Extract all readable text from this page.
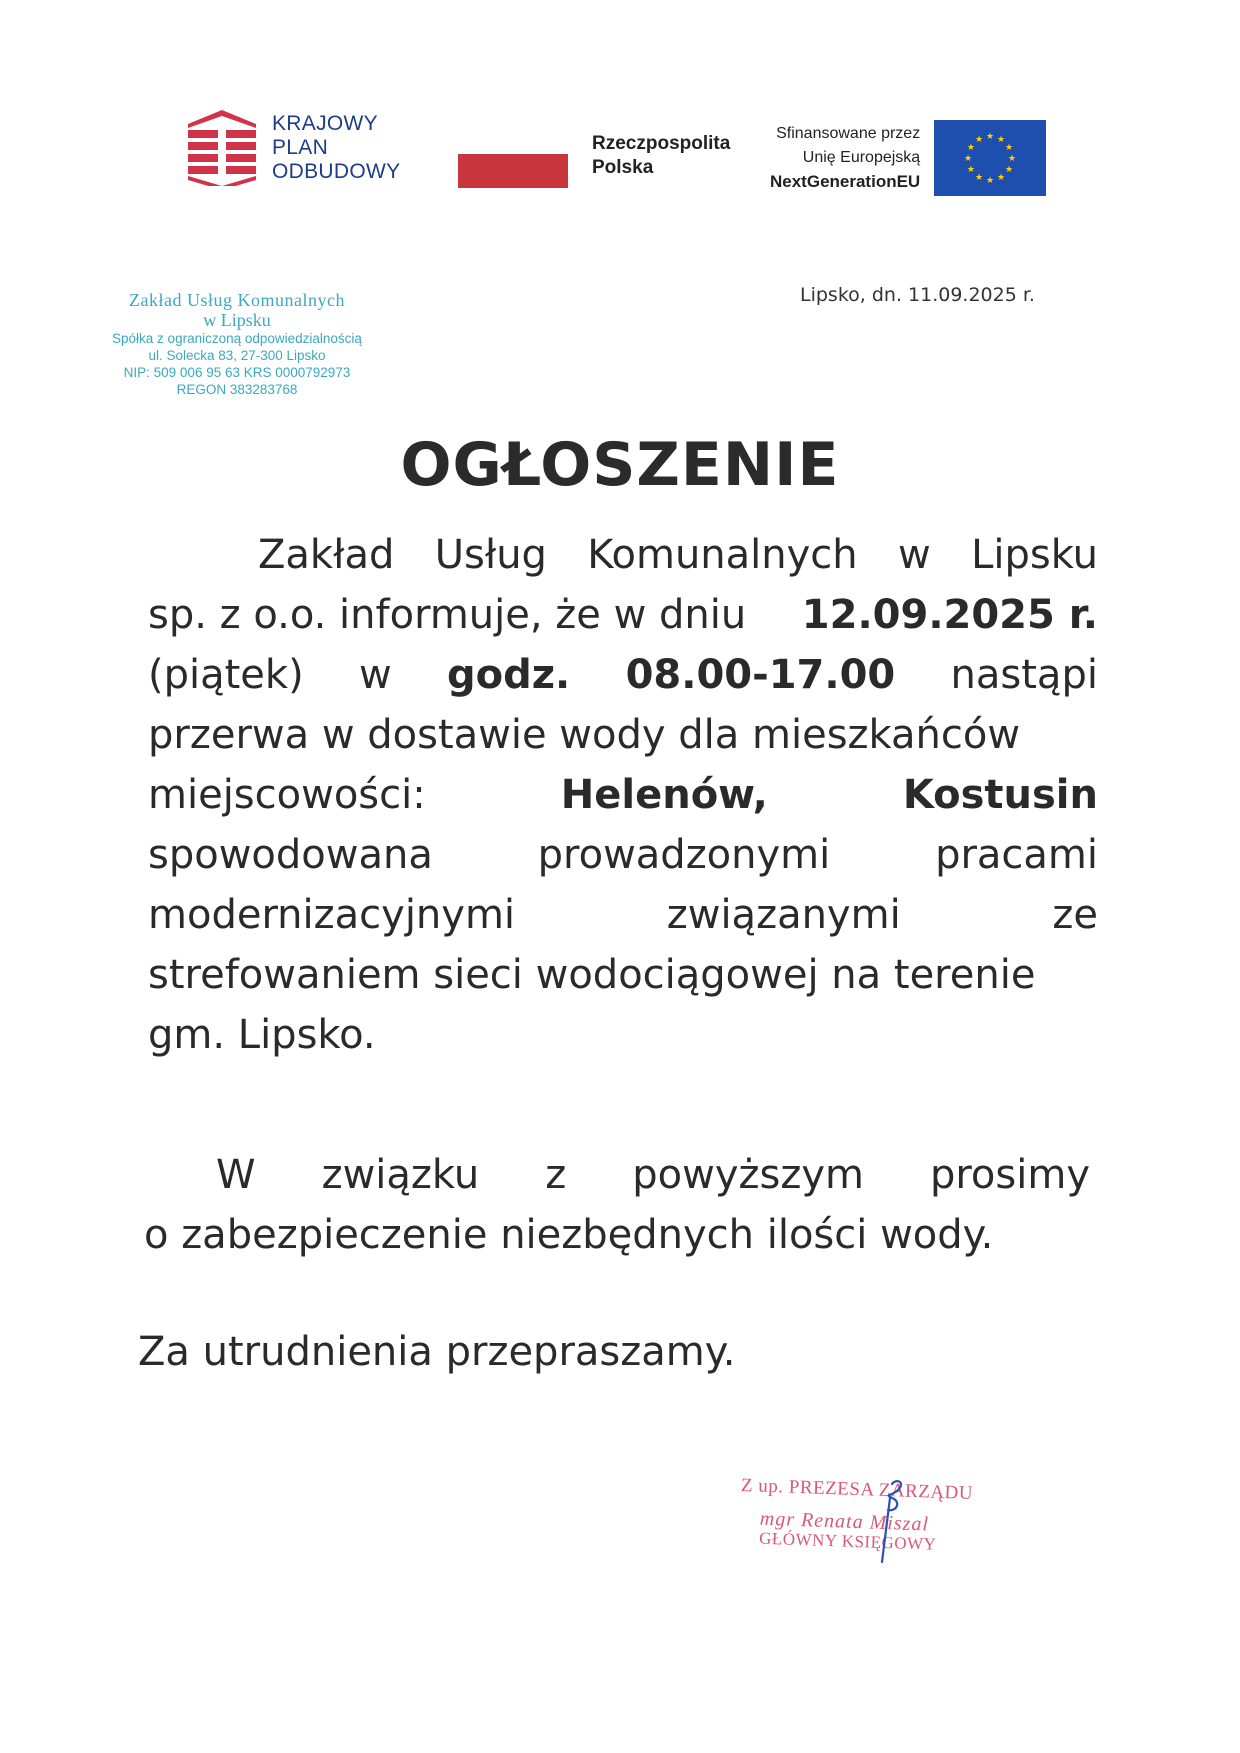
KRAJOWY
PLAN
ODBUDOWY
Rzeczpospolita
Polska
Sfinansowane przez
Unię Europejską
NextGenerationEU
★ ★
★
★
★
★
★
★
★
★
★
★
Zakład Usług Komunalnych
w Lipsku
Spółka z ograniczoną odpowiedzialnością
ul. Solecka 83, 27-300 Lipsko
NIP: 509 006 95 63 KRS 0000792973
REGON 383283768
Lipsko, dn. 11.09.2025 r.
OGŁOSZENIE
Zakład Usług Komunalnych w Lipsku
sp. z o.o. informuje, że w dniu 12.09.2025 r.
(piątek) w godz. 08.00-17.00 nastąpi
przerwa w dostawie wody dla mieszkańców
miejscowości:	Helenów,	Kostusin
spowodowana	prowadzonymi	pracami
modernizacyjnymi	związanymi	ze
strefowaniem sieci wodociągowej na terenie
gm. Lipsko.
W związku z powyższym prosimy
o zabezpieczenie niezbędnych ilości wody.
Za utrudnienia przepraszamy.
Z up. PREZESA ZARZĄDU
mgr Renata Miszal
GŁÓWNY KSIĘGOWY
